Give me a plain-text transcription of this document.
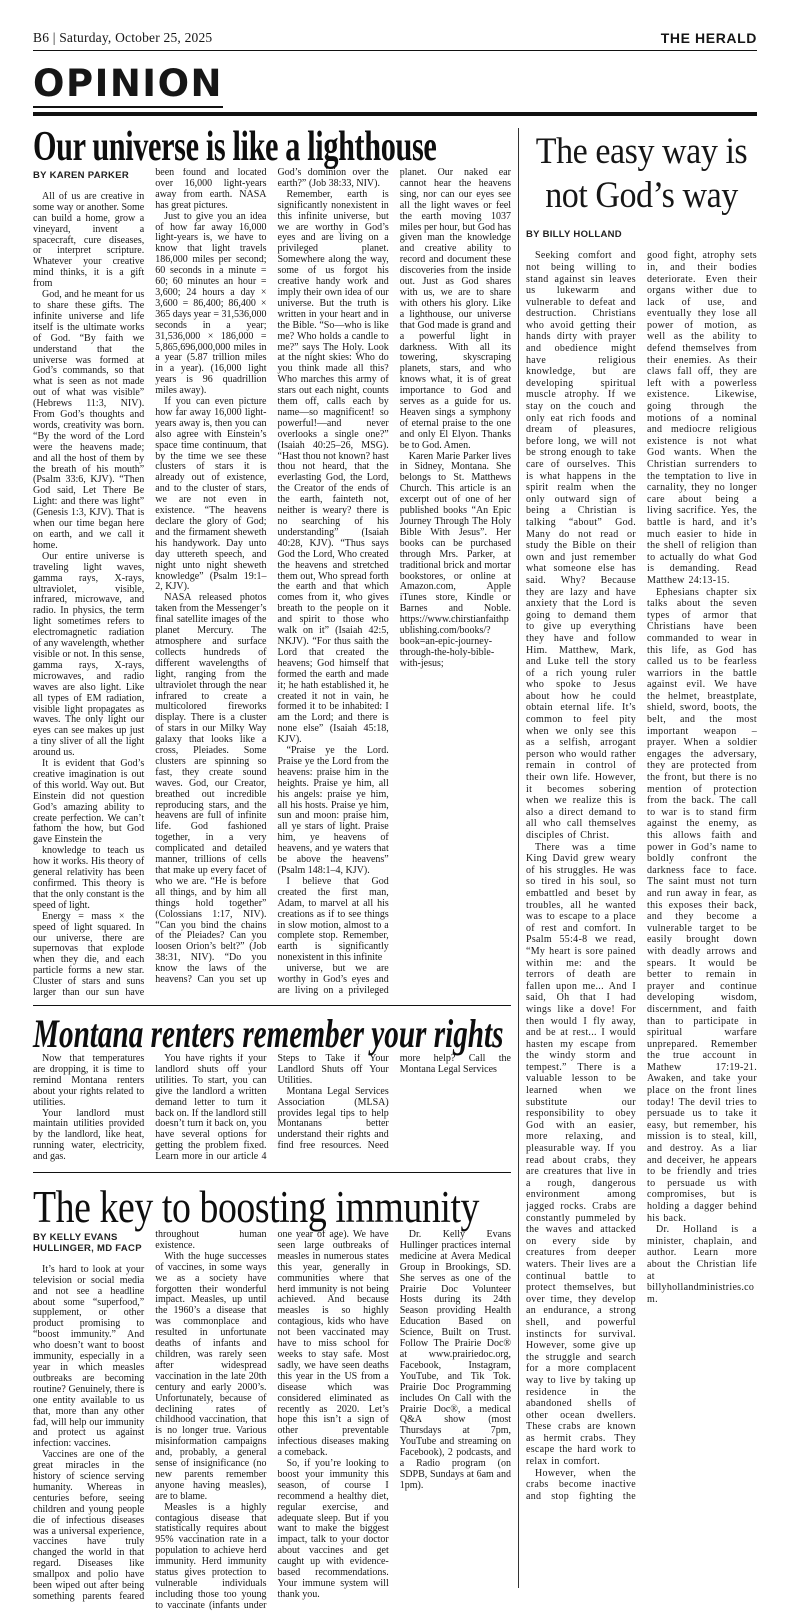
B6 | Saturday, October 25, 2025	THE HERALD
OPINION
Our universe is like a lighthouse
BY KAREN PARKER

All of us are creative in some way or another. Some can build a home, grow a vineyard, invent a spacecraft, cure diseases, or interpret scripture. Whatever your creative mind thinks, it is a gift from

God, and he meant for us to share these gifts. The infinite universe and life itself is the ultimate works of God. “By faith we understand that the universe was formed at God’s commands, so that what is seen as not made out of what was visible” (Hebrews 11:3, NIV). From God’s thoughts and words, creativity was born. “By the word of the Lord were the heavens made; and all the host of them by the breath of his mouth” (Psalm 33:6, KJV). “Then God said, Let There Be Light: and there was light” (Genesis 1:3, KJV). That is when our time began here on earth, and we call it home.

Our entire universe is traveling light waves, gamma rays, X-rays, ultraviolet, visible, infrared, microwave, and radio. In physics, the term light sometimes refers to electromagnetic radiation of any wavelength, whether visible or not. In this sense, gamma rays, X-rays, microwaves, and radio waves are also light. Like all types of EM radiation, visible light propagates as waves. The only light our eyes can see makes up just a tiny sliver of all the light around us.

It is evident that God’s creative imagination is out of this world. Way out. But Einstein did not question God’s amazing ability to create perfection. We can’t fathom the how, but God gave Einstein the

knowledge to teach us how it works. His theory of general relativity has been confirmed. This theory is that the only constant is the speed of light.

Energy = mass × the speed of light squared. In our universe, there are supernovas that explode when they die, and each particle forms a new star. Cluster of stars and suns larger than our sun have been found and located over 16,000 light-years away from earth. NASA has great pictures.

Just to give you an idea of how far away 16,000 light-years is, we have to know that light travels 186,000 miles per second; 60 seconds in a minute = 60; 60 minutes an hour = 3,600; 24 hours a day × 3,600 = 86,400; 86,400 × 365 days year = 31,536,000 seconds in a year; 31,536,000 × 186,000 = 5,865,696,000,000 miles in a year (5.87 trillion miles in a year). (16,000 light years is 96 quadrillion miles away).

If you can even picture how far away 16,000 light-years away is, then you can also agree with Einstein’s space time continuum, that by the time we see these clusters of stars it is already out of existence, and to the cluster of stars, we are not even in existence. “The heavens declare the glory of God; and the firmament sheweth his handywork. Day unto day uttereth speech, and night unto night sheweth knowledge” (Psalm 19:1–2, KJV).

NASA released photos taken from the Messenger’s final satellite images of the planet Mercury. The atmosphere and surface collects hundreds of different wavelengths of light, ranging from the ultraviolet through the near infrared to create a multicolored fireworks display. There is a cluster of stars in our Milky Way galaxy that looks like a cross, Pleiades. Some clusters are spinning so fast, they create sound waves. God, our Creator, breathed out incredible reproducing stars, and the heavens are full of infinite life. God fashioned together, in a very complicated and detailed manner, trillions of cells that make up every facet of who we are. “He is before all things, and by him all things hold together” (Colossians 1:17, NIV). “Can you bind the chains of the Pleiades? Can you loosen Orion’s belt?” (Job 38:31, NIV). “Do you know the laws of the heavens? Can you set up God’s dominion over the earth?” (Job 38:33, NIV).

Remember, earth is significantly nonexistent in this infinite universe, but we are worthy in God’s eyes and are living on a privileged planet. Somewhere along the way, some of us forgot his creative handy work and imply their own idea of our universe. But the truth is written in your heart and in the Bible. “So—who is like me? Who holds a candle to me?” says The Holy. Look at the night skies: Who do you think made all this? Who marches this army of stars out each night, counts them off, calls each by name—so magnificent! so powerful!—and never overlooks a single one?” (Isaiah 40:25–26, MSG). “Hast thou not known? hast thou not heard, that the everlasting God, the Lord, the Creator of the ends of the earth, fainteth not, neither is weary? there is no searching of his understanding” (Isaiah 40:28, KJV). “Thus says God the Lord, Who created the heavens and stretched them out, Who spread forth the earth and that which comes from it, who gives breath to the people on it and spirit to those who walk on it” (Isaiah 42:5, NKJV). “For thus saith the Lord that created the heavens; God himself that formed the earth and made it; he hath established it, he created it not in vain, he formed it to be inhabited: I am the Lord; and there is none else” (Isaiah 45:18, KJV).

“Praise ye the Lord. Praise ye the Lord from the heavens: praise him in the heights. Praise ye him, all his angels: praise ye him, all his hosts. Praise ye him, sun and moon: praise him, all ye stars of light. Praise him, ye heavens of heavens, and ye waters that be above the heavens” (Psalm 148:1–4, KJV).

I believe that God created the first man, Adam, to marvel at all his creations as if to see things in slow motion, almost to a complete stop. Remember, earth is significantly nonexistent in this infinite

universe, but we are worthy in God’s eyes and are living on a privileged planet. Our naked ear cannot hear the heavens sing, nor can our eyes see all the light waves or feel the earth moving 1037 miles per hour, but God has given man the knowledge and creative ability to record and document these discoveries from the inside out. Just as God shares with us, we are to share with others his glory. Like a lighthouse, our universe that God made is grand and a powerful light in darkness. With all its towering, skyscraping planets, stars, and who knows what, it is of great importance to God and serves as a guide for us. Heaven sings a symphony of eternal praise to the one and only El Elyon. Thanks be to God. Amen.

Karen Marie Parker lives in Sidney, Montana. She belongs to St. Matthews Church. This article is an excerpt out of one of her published books “An Epic Journey Through The Holy Bible With Jesus”. Her books can be purchased through Mrs. Parker, at traditional brick and mortar bookstores, or online at Amazon.com, Apple iTunes store, Kindle or Barnes and Noble. https://www.chirstianfaithpublishing.com/books/?book=an-epic-journey-through-the-holy-bible-with-jesus;

Montana renters remember your rights

Now that temperatures are dropping, it is time to remind Montana renters about your rights related to utilities.

Your landlord must maintain utilities provided by the landlord, like heat, running water, electricity, and gas.

You have rights if your landlord shuts off your utilities. To start, you can give the landlord a written demand letter to turn it back on. If the landlord still doesn’t turn it back on, you have several options for getting the problem fixed. Learn more in our article 4 Steps to Take if Your Landlord Shuts off Your Utilities.

Montana Legal Services Association (MLSA) provides legal tips to help Montanans better understand their rights and find free resources. Need more help? Call the Montana Legal Services

The key to boosting immunity
BY KELLY EVANS
HULLINGER, MD FACP

It’s hard to look at your television or social media and not see a headline about some “superfood,” supplement, or other product promising to “boost immunity.” And who doesn’t want to boost immunity, especially in a year in which measles outbreaks are becoming routine? Genuinely, there is one entity available to us that, more than any other fad, will help our immunity and protect us against infection: vaccines.

Vaccines are one of the great miracles in the history of science serving humanity. Whereas in centuries before, seeing children and young people die of infectious diseases was a universal experience, vaccines have truly changed the world in that regard. Diseases like smallpox and polio have been wiped out after being something parents feared throughout human existence.

With the huge successes of vaccines, in some ways we as a society have forgotten their wonderful impact. Measles, up until the 1960’s a disease that was commonplace and resulted in unfortunate deaths of infants and children, was rarely seen after widespread vaccination in the late 20th century and early 2000’s. Unfortunately, because of declining rates of childhood vaccination, that is no longer true. Various misinformation campaigns and, probably, a general sense of insignificance (no new parents remember anyone having measles), are to blame.

Measles is a highly contagious disease that statistically requires about 95% vaccination rate in a population to achieve herd immunity. Herd immunity status gives protection to vulnerable individuals including those too young to vaccinate (infants under one year of age). We have seen large outbreaks of measles in numerous states this year, generally in communities where that herd immunity is not being achieved. And because measles is so highly contagious, kids who have not been vaccinated may have to miss school for weeks to stay safe. Most sadly, we have seen deaths this year in the US from a disease which was considered eliminated as recently as 2020. Let’s hope this isn’t a sign of other preventable infectious diseases making a comeback.

So, if you’re looking to boost your immunity this season, of course I recommend a healthy diet, regular exercise, and adequate sleep. But if you want to make the biggest impact, talk to your doctor about vaccines and get caught up with evidence-based recommendations. Your immune system will thank you.

Dr. Kelly Evans Hullinger practices internal medicine at Avera Medical Group in Brookings, SD. She serves as one of the Prairie Doc Volunteer Hosts during its 24th Season providing Health Education Based on Science, Built on Trust. Follow The Prairie Doc® at www.prairiedoc.org, Facebook, Instagram, YouTube, and Tik Tok. Prairie Doc Programming includes On Call with the Prairie Doc®, a medical Q&A show (most Thursdays at 7pm, YouTube and streaming on Facebook), 2 podcasts, and a Radio program (on SDPB, Sundays at 6am and 1pm).

The easy way is
not God’s way
BY BILLY HOLLAND

Seeking comfort and not being willing to stand against sin leaves us lukewarm and vulnerable to defeat and destruction. Christians who avoid getting their hands dirty with prayer and obedience might have religious knowledge, but are developing spiritual muscle atrophy. If we stay on the couch and only eat rich foods and dream of pleasures, before long, we will not be strong enough to take care of ourselves. This is what happens in the spirit realm when the only outward sign of being a Christian is talking “about” God. Many do not read or study the Bible on their own and just remember what someone else has said. Why? Because they are lazy and have anxiety that the Lord is going to demand them to give up everything they have and follow Him. Matthew, Mark, and Luke tell the story of a rich young ruler who spoke to Jesus about how he could obtain eternal life. It’s common to feel pity when we only see this as a selfish, arrogant person who would rather remain in control of their own life. However, it becomes sobering when we realize this is also a direct demand to all who call themselves disciples of Christ.

There was a time King David grew weary of his struggles. He was so tired in his soul, so embattled and beset by troubles, all he wanted was to escape to a place of rest and comfort. In Psalm 55:4-8 we read, “My heart is sore pained within me: and the terrors of death are fallen upon me... And I said, Oh that I had wings like a dove! For then would I fly away, and be at rest... I would hasten my escape from the windy storm and tempest.” There is a valuable lesson to be learned when we substitute our responsibility to obey God with an easier, more relaxing, and pleasurable way. If you read about crabs, they are creatures that live in a rough, dangerous environment among jagged rocks. Crabs are constantly pummeled by the waves and attacked on every side by creatures from deeper waters. Their lives are a continual battle to protect themselves, but over time, they develop an endurance, a strong shell, and powerful instincts for survival. However, some give up the struggle and search for a more complacent way to live by taking up residence in the abandoned shells of other ocean dwellers. These crabs are known as hermit crabs. They escape the hard work to relax in comfort.

However, when the crabs become inactive and stop fighting the good fight, atrophy sets in, and their bodies deteriorate. Even their organs wither due to lack of use, and eventually they lose all power of motion, as well as the ability to defend themselves from their enemies. As their claws fall off, they are left with a powerless existence. Likewise, going through the motions of a nominal and mediocre religious existence is not what God wants. When the Christian surrenders to the temptation to live in carnality, they no longer care about being a living sacrifice. Yes, the battle is hard, and it’s much easier to hide in the shell of religion than to actually do what God is demanding. Read Matthew 24:13-15.

Ephesians chapter six talks about the seven types of armor that Christians have been commanded to wear in this life, as God has called us to be fearless warriors in the battle against evil. We have the helmet, breastplate, shield, sword, boots, the belt, and the most important weapon – prayer. When a soldier engages the adversary, they are protected from the front, but there is no mention of protection from the back. The call to war is to stand firm against the enemy, as this allows faith and power in God’s name to boldly confront the darkness face to face. The saint must not turn and run away in fear, as this exposes their back, and they become a vulnerable target to be easily brought down with deadly arrows and spears. It would be better to remain in prayer and continue developing wisdom, discernment, and faith than to participate in spiritual warfare unprepared. Remember the true account in Mathew 17:19-21. Awaken, and take your place on the front lines today! The devil tries to persuade us to take it easy, but remember, his mission is to steal, kill, and destroy. As a liar and deceiver, he appears to be friendly and tries to persuade us with compromises, but is holding a dagger behind his back.

Dr. Holland is a minister, chaplain, and author. Learn more about the Christian life at billyhollandministries.com.
